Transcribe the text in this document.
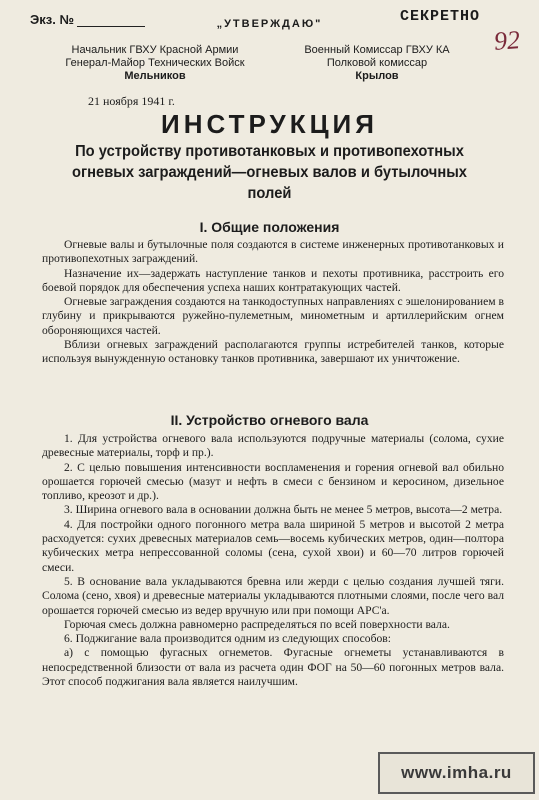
Экз. №	СЕКРЕТНО
92
„УТВЕРЖДАЮ"
Начальник ГВХУ Красной Армии
Генерал-Майор Технических Войск
Мельников
Военный Комиссар ГВХУ КА
Полковой комиссар
Крылов
21 ноября 1941 г.
ИНСТРУКЦИЯ
По устройству противотанковых и противопехотных огневых заграждений—огневых валов и бутылочных полей
I. Общие положения

Огневые валы и бутылочные поля создаются в системе инженерных противотанковых и противопехотных заграждений.

Назначение их—задержать наступление танков и пехоты противника, расстроить его боевой порядок для обеспечения успеха наших контратакующих частей.

Огневые заграждения создаются на танкодоступных направлениях с эшелонированием в глубину и прикрываются ружейно-пулеметным, минометным и артиллерийским огнем обороняющихся частей.

Вблизи огневых заграждений располагаются группы истребителей танков, которые используя вынужденную остановку танков противника, завершают их уничтожение.

II. Устройство огневого вала

1. Для устройства огневого вала используются подручные материалы (солома, сухие древесные материалы, торф и пр.).

2. С целью повышения интенсивности воспламенения и горения огневой вал обильно орошается горючей смесью (мазут и нефть в смеси с бензином и керосином, дизельное топливо, креозот и др.).

3. Ширина огневого вала в основании должна быть не менее 5 метров, высота—2 метра.

4. Для постройки одного погонного метра вала шириной 5 метров и высотой 2 метра расходуется: сухих древесных материалов семь—восемь кубических метров, один—полтора кубических метра непрессованной соломы (сена, сухой хвои) и 60—70 литров горючей смеси.

5. В основание вала укладываются бревна или жерди с целью создания лучшей тяги. Солома (сено, хвоя) и древесные материалы укладываются плотными слоями, после чего вал орошается горючей смесью из ведер вручную или при помощи АРС'а.

Горючая смесь должна равномерно распределяться по всей поверхности вала.

6. Поджигание вала производится одним из следующих способов:

а) с помощью фугасных огнеметов. Фугасные огнеметы устанавливаются в непосредственной близости от вала из расчета один ФОГ на 50—60 погонных метров вала. Этот способ поджигания вала является наилучшим.

www.imha.ru
